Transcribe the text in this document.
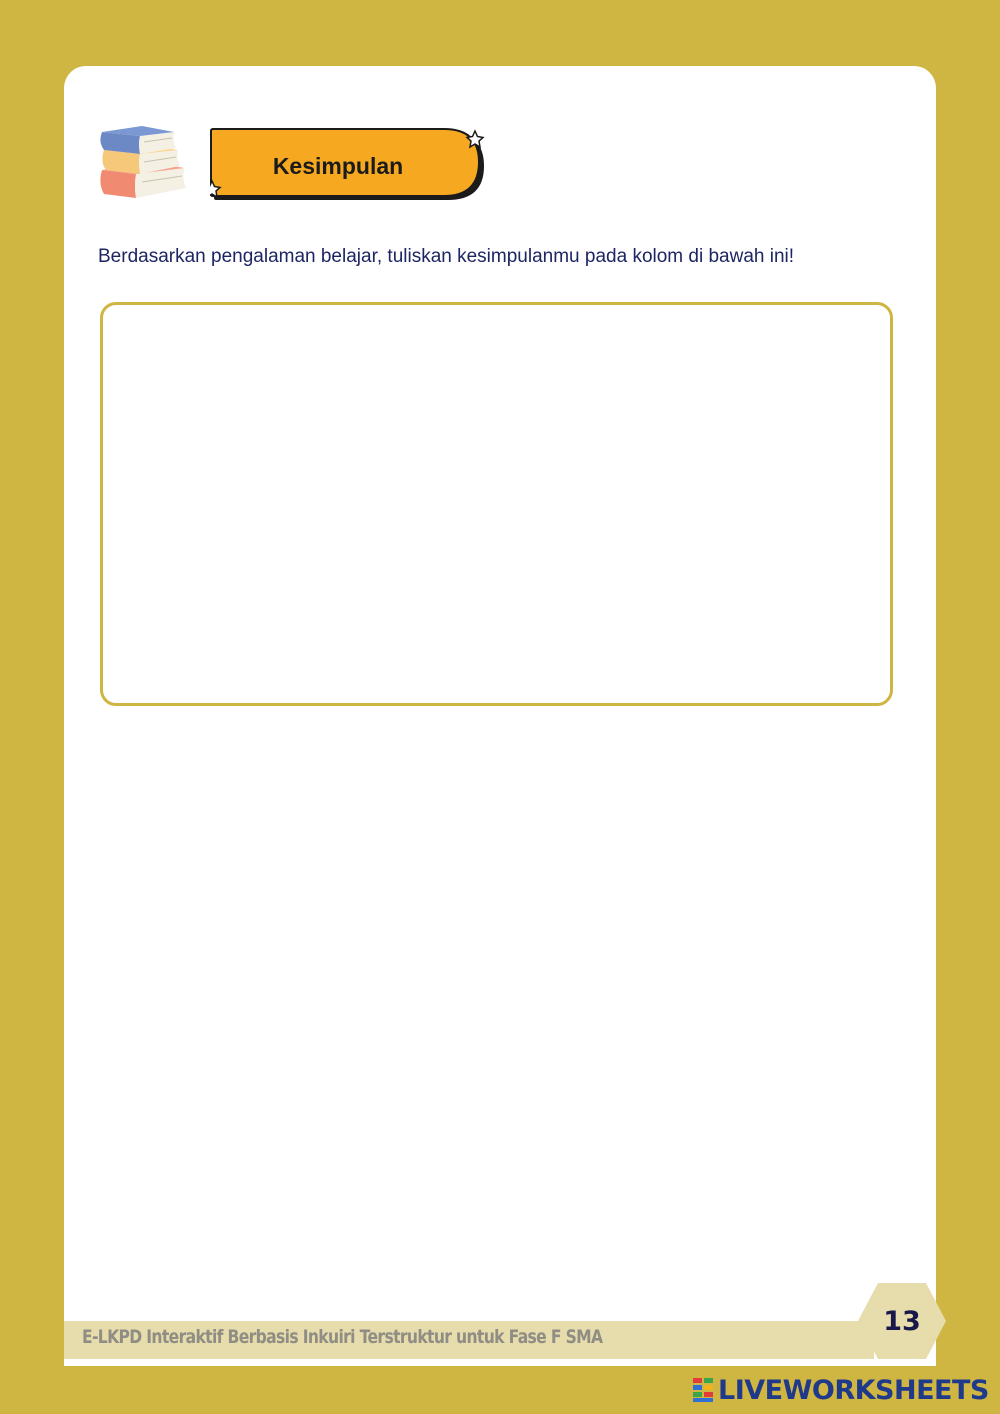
Kesimpulan
Berdasarkan pengalaman belajar, tuliskan kesimpulanmu pada kolom di bawah ini!
E-LKPD Interaktif Berbasis Inkuiri Terstruktur untuk Fase F SMA
13
LIVEWORKSHEETS
